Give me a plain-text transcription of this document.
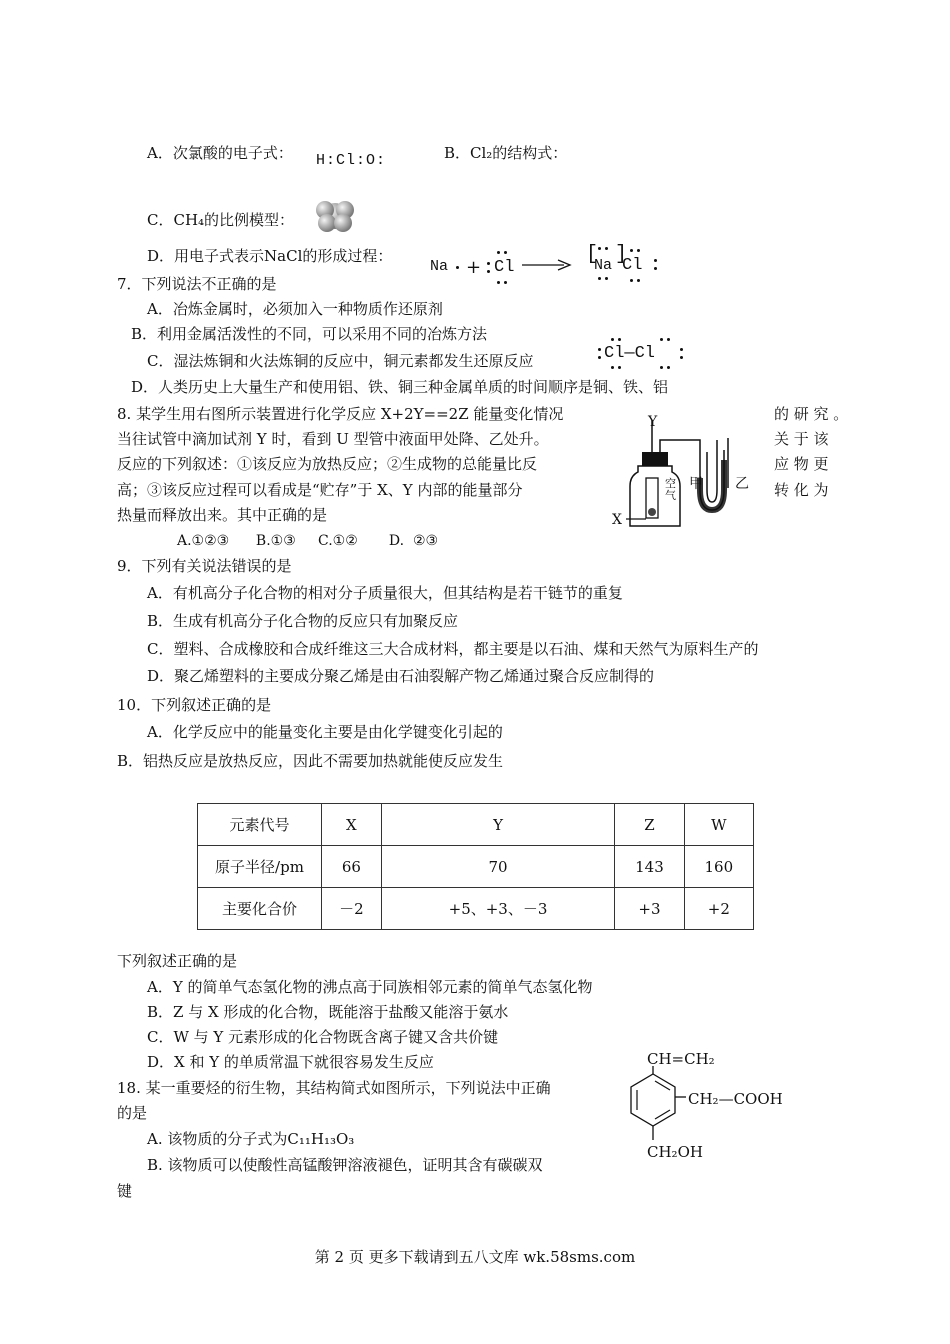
A．次氯酸的电子式： H:Cl:O:	B．Cl₂的结构式：
C．CH₄的比例模型：
D．用电子式表示NaCl的形成过程：
Na + Cl → [
Na ]
Cl
7．下列说法不正确的是
A．冶炼金属时，必须加入一种物质作还原剂
B．利用金属活泼性的不同，可以采用不同的冶炼方法
C．湿法炼铜和火法炼铜的反应中，铜元素都发生还原反应
D．人类历史上大量生产和使用铝、铁、铜三种金属单质的时间顺序是铜、铁、铝
Cl—Cl
8. 某学生用右图所示装置进行化学反应 X+2Y==2Z 能量变化情况	的 研 究 。
当往试管中滴加试剂 Y 时，看到 U 型管中液面甲处降、乙处升。	关 于 该
反应的下列叙述：①该反应为放热反应；②生成物的总能量比反	应 物 更
高；③该反应过程可以看成是“贮存”于 X、Y 内部的能量部分	转 化 为
热量而释放出来。其中正确的是
A.①②③      B.①③     C.①②       D.  ②③
Y
X
甲 乙
空气
9．下列有关说法错误的是
A．有机高分子化合物的相对分子质量很大，但其结构是若干链节的重复
B．生成有机高分子化合物的反应只有加聚反应
C．塑料、合成橡胶和合成纤维这三大合成材料，都主要是以石油、煤和天然气为原料生产的
D．聚乙烯塑料的主要成分聚乙烯是由石油裂解产物乙烯通过聚合反应制得的
10．下列叙述正确的是
A．化学反应中的能量变化主要是由化学键变化引起的
B．铝热反应是放热反应，因此不需要加热就能使反应发生
元素代号	X	Y	Z	W
原子半径/pm	66	70	143	160
主要化合价	－2	+5、+3、－3	+3	+2
下列叙述正确的是
A．Y 的简单气态氢化物的沸点高于同族相邻元素的简单气态氢化物
B．Z 与 X 形成的化合物，既能溶于盐酸又能溶于氨水
C．W 与 Y 元素形成的化合物既含离子键又含共价键
D．X 和 Y 的单质常温下就很容易发生反应
18. 某一重要烃的衍生物，其结构简式如图所示，下列说法中正确
的是
A. 该物质的分子式为C₁₁H₁₃O₃
B. 该物质可以使酸性高锰酸钾溶液褪色，证明其含有碳碳双
键
CH=CH₂
CH₂—COOH
CH₂OH
第 2 页 更多下载请到五八文库 wk.58sms.com
